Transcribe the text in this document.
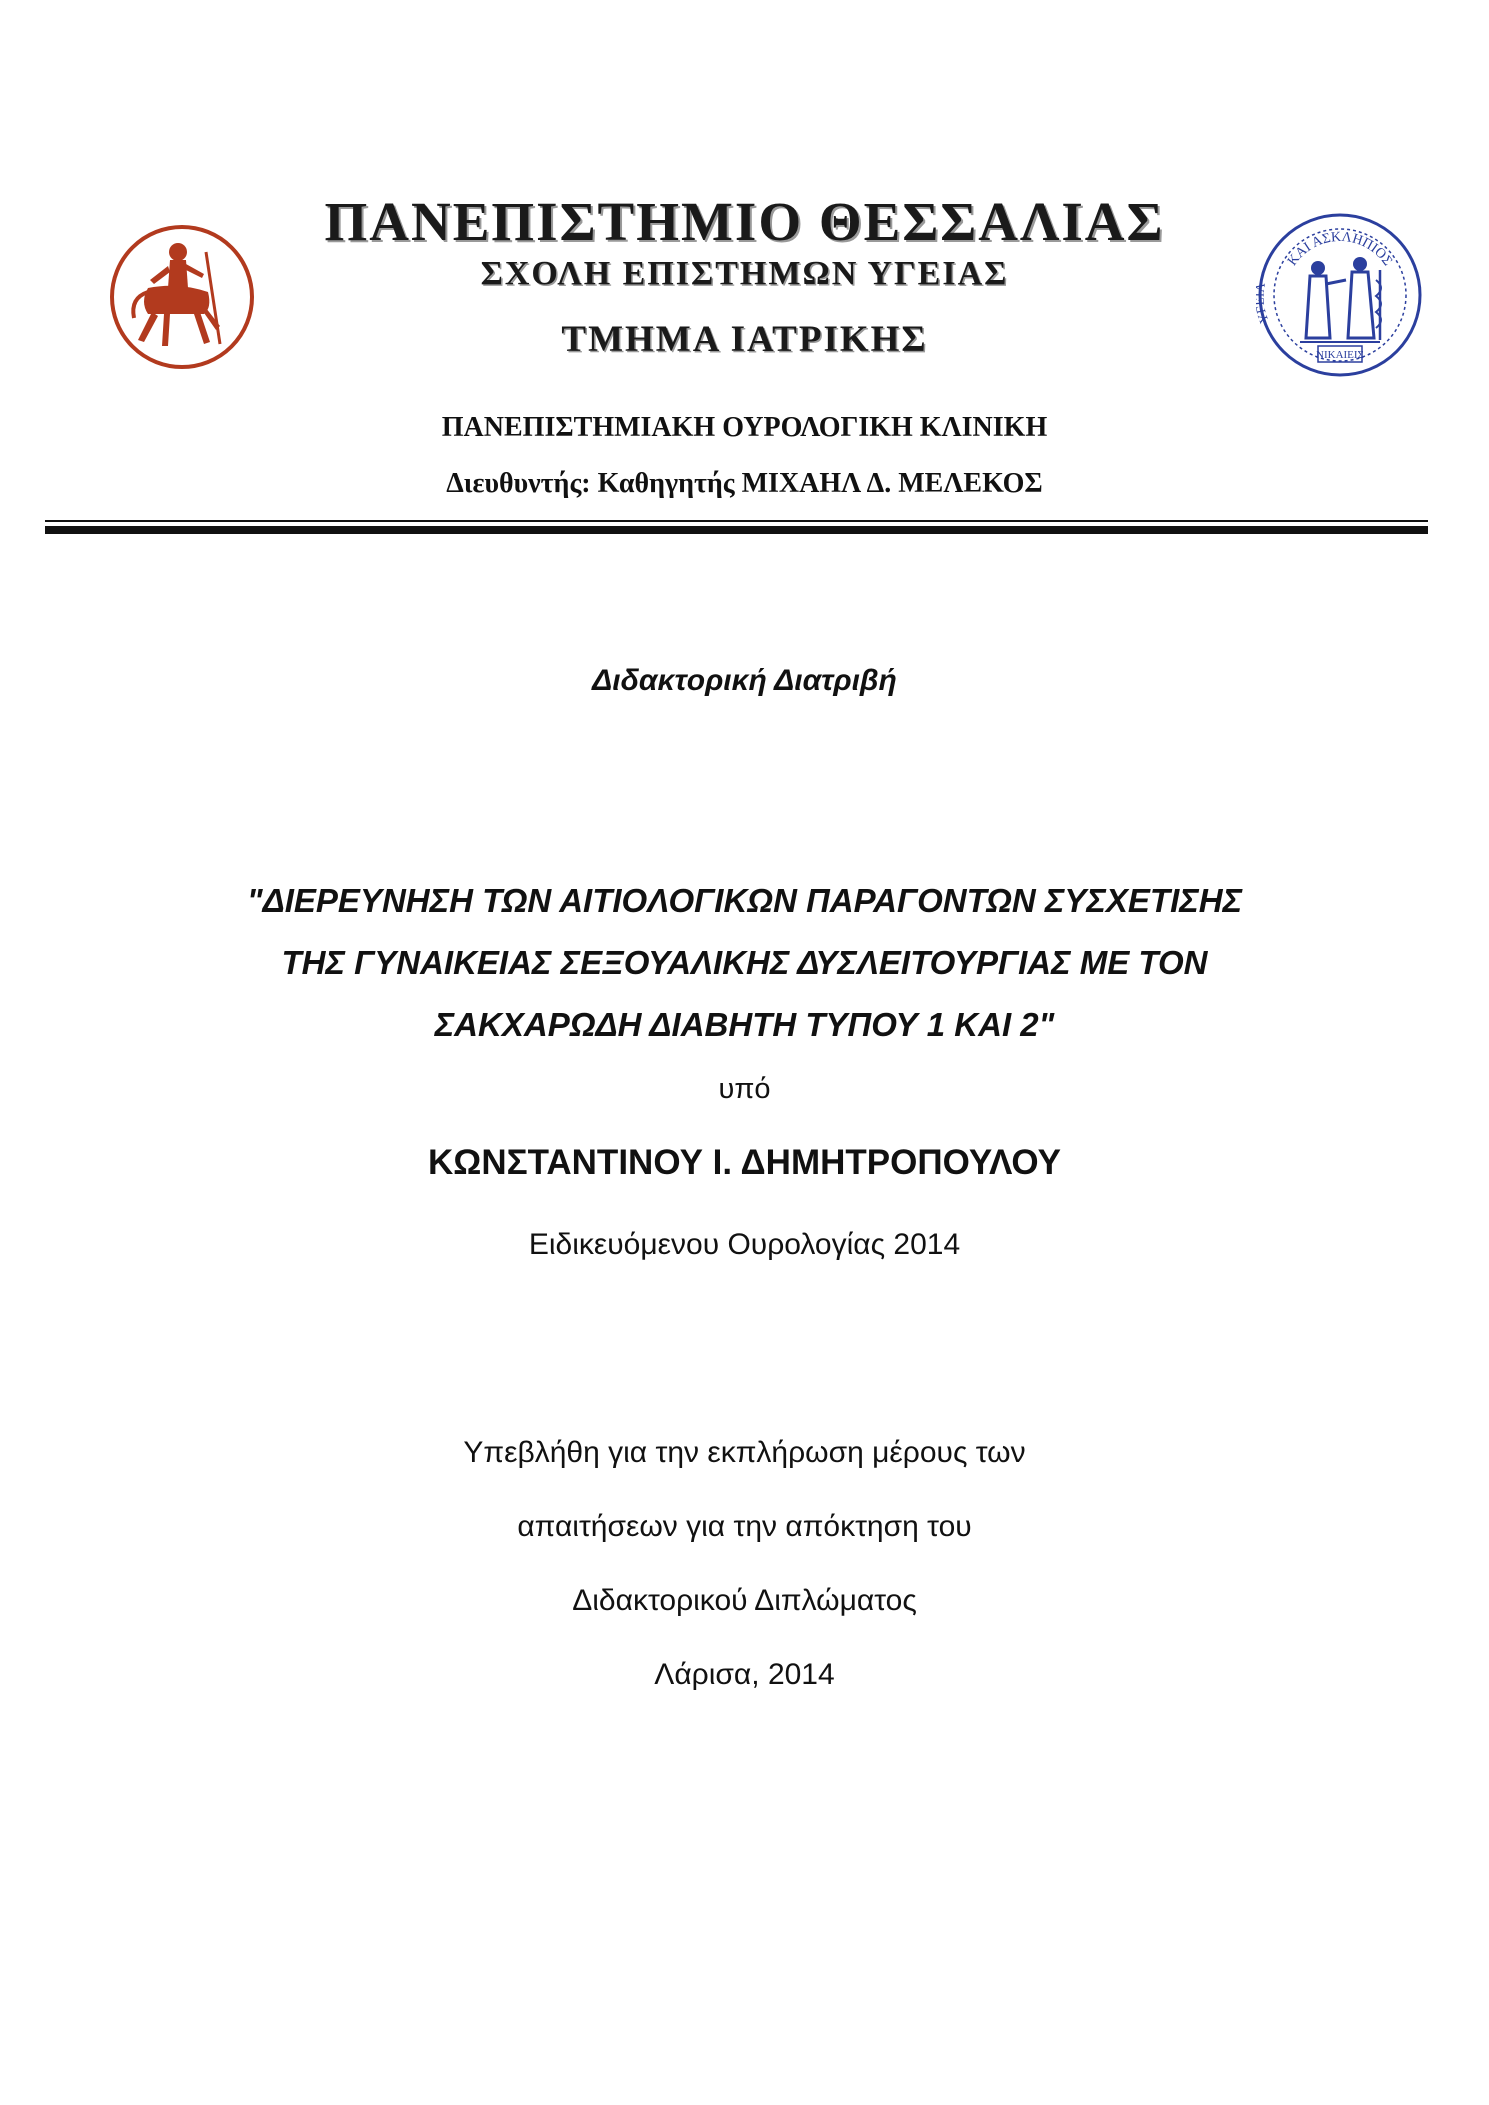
ΚΑΙ ΑΣΚΛΗΠΙΟΣ
ΝΙΚΑΙΕΙΣ
ΠΑΝΕΠΙΣΤΗΜΙΟ ΘΕΣΣΑΛΙΑΣ
ΣΧΟΛΗ ΕΠΙΣΤΗΜΩΝ ΥΓΕΙΑΣ
ΤΜΗΜΑ ΙΑΤΡΙΚΗΣ
ΠΑΝΕΠΙΣΤΗΜΙΑΚΗ ΟΥΡΟΛΟΓΙΚΗ ΚΛΙΝΙΚΗ
Διευθυντής: Καθηγητής ΜΙΧΑΗΛ Δ. ΜΕΛΕΚΟΣ
Διδακτορική Διατριβή
"ΔΙΕΡΕΥΝΗΣΗ ΤΩΝ ΑΙΤΙΟΛΟΓΙΚΩΝ ΠΑΡΑΓΟΝΤΩΝ ΣΥΣΧΕΤΙΣΗΣ
ΤΗΣ ΓΥΝΑΙΚΕΙΑΣ ΣΕΞΟΥΑΛΙΚΗΣ ΔΥΣΛΕΙΤΟΥΡΓΙΑΣ ΜΕ ΤΟΝ
ΣΑΚΧΑΡΩΔΗ ΔΙΑΒΗΤΗ ΤΥΠΟΥ 1 ΚΑΙ 2"
υπό
ΚΩΝΣΤΑΝΤΙΝΟΥ Ι. ΔΗΜΗΤΡΟΠΟΥΛΟΥ
Ειδικευόμενου Ουρολογίας 2014
Υπεβλήθη για την εκπλήρωση μέρους των
απαιτήσεων για την απόκτηση του
Διδακτορικού Διπλώματος
Λάρισα, 2014
